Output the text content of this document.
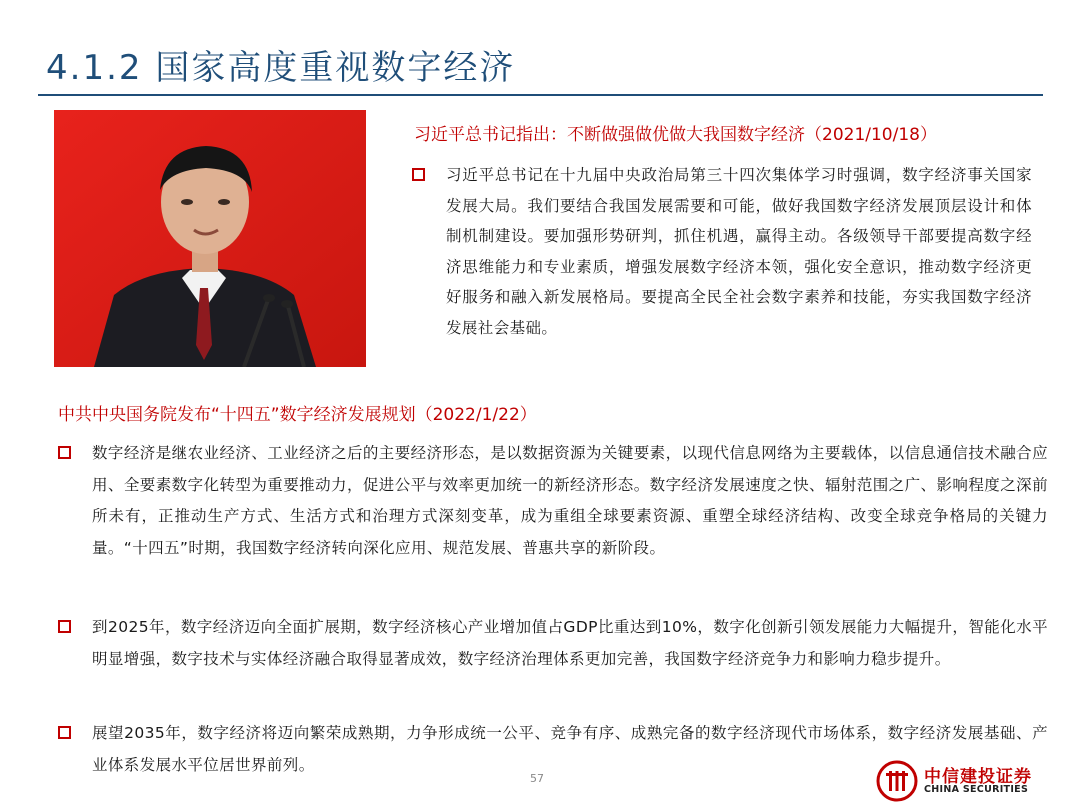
4.1.2 国家高度重视数字经济
习近平总书记指出：不断做强做优做大我国数字经济（2021/10/18）
习近平总书记在十九届中央政治局第三十四次集体学习时强调，数字经济事关国家发展大局。我们要结合我国发展需要和可能，做好我国数字经济发展顶层设计和体制机制建设。要加强形势研判，抓住机遇，赢得主动。各级领导干部要提高数字经济思维能力和专业素质，增强发展数字经济本领，强化安全意识，推动数字经济更好服务和融入新发展格局。要提高全民全社会数字素养和技能，夯实我国数字经济发展社会基础。
中共中央国务院发布“十四五”数字经济发展规划（2022/1/22）
数字经济是继农业经济、工业经济之后的主要经济形态，是以数据资源为关键要素，以现代信息网络为主要载体，以信息通信技术融合应用、全要素数字化转型为重要推动力，促进公平与效率更加统一的新经济形态。数字经济发展速度之快、辐射范围之广、影响程度之深前所未有，正推动生产方式、生活方式和治理方式深刻变革，成为重组全球要素资源、重塑全球经济结构、改变全球竞争格局的关键力量。“十四五”时期，我国数字经济转向深化应用、规范发展、普惠共享的新阶段。
到2025年，数字经济迈向全面扩展期，数字经济核心产业增加值占GDP比重达到10%，数字化创新引领发展能力大幅提升，智能化水平明显增强，数字技术与实体经济融合取得显著成效，数字经济治理体系更加完善，我国数字经济竞争力和影响力稳步提升。
展望2035年，数字经济将迈向繁荣成熟期，力争形成统一公平、竞争有序、成熟完备的数字经济现代市场体系，数字经济发展基础、产业体系发展水平位居世界前列。
57	中信建投证券
CHINA SECURITIES
